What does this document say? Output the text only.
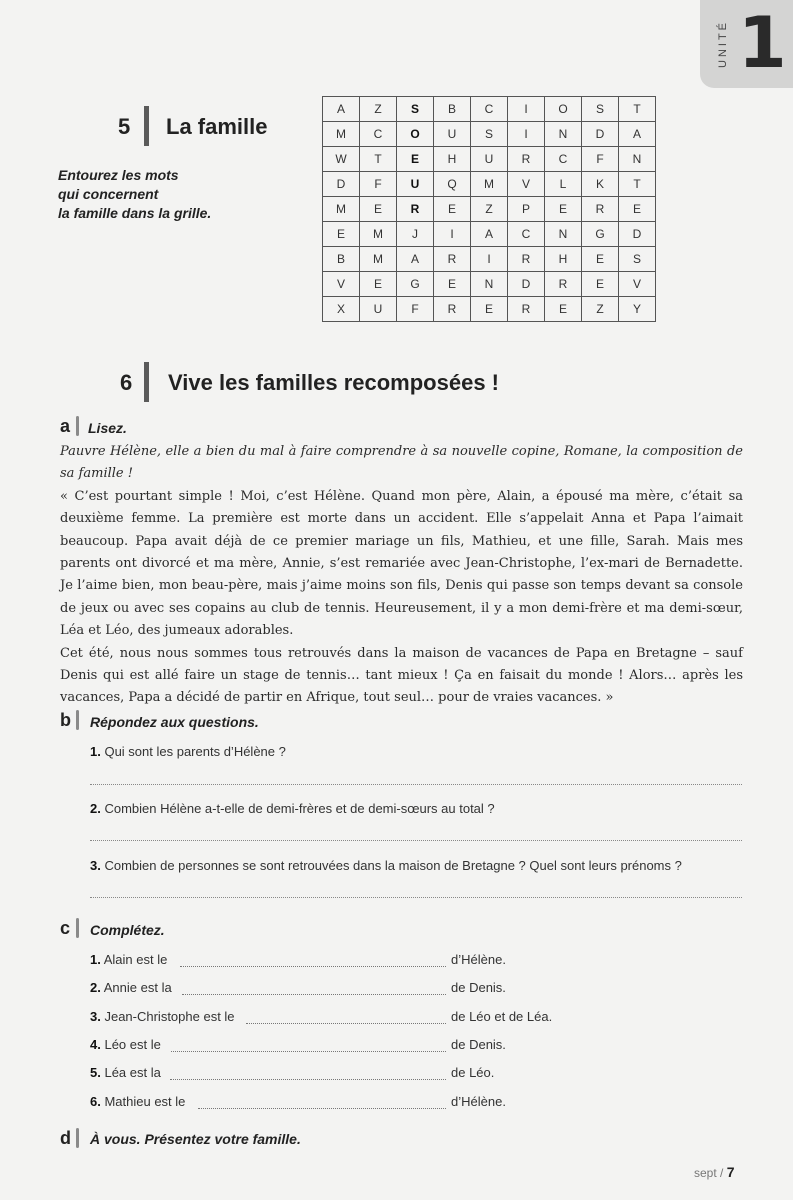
UNITÉ 1
5 La famille
Entourez les mots
qui concernent
la famille dans la grille.
A	Z	S	B	C	I	O	S	T
M	C	O	U	S	I	N	D	A
W	T	E	H	U	R	C	F	N
D	F	U	Q	M	V	L	K	T
M	E	R	E	Z	P	E	R	E
E	M	J	I	A	C	N	G	D
B	M	A	R	I	R	H	E	S
V	E	G	E	N	D	R	E	V
X	U	F	R	E	R	E	Z	Y
6 Vive les familles recomposées !
a Lisez.

Pauvre Hélène, elle a bien du mal à faire comprendre à sa nouvelle copine, Romane, la composition de sa famille !

« C’est pourtant simple ! Moi, c’est Hélène. Quand mon père, Alain, a épousé ma mère, c’était sa deuxième femme. La première est morte dans un accident. Elle s’appelait Anna et Papa l’aimait beaucoup. Papa avait déjà de ce premier mariage un fils, Mathieu, et une fille, Sarah. Mais mes parents ont divorcé et ma mère, Annie, s’est remariée avec Jean-Christophe, l’ex-mari de Bernadette. Je l’aime bien, mon beau-père, mais j’aime moins son fils, Denis qui passe son temps devant sa console de jeux ou avec ses copains au club de tennis. Heureusement, il y a mon demi-frère et ma demi-sœur, Léa et Léo, des jumeaux adorables.

Cet été, nous nous sommes tous retrouvés dans la maison de vacances de Papa en Bretagne – sauf Denis qui est allé faire un stage de tennis… tant mieux ! Ça en faisait du monde ! Alors… après les vacances, Papa a décidé de partir en Afrique, tout seul… pour de vraies vacances. »

b Répondez aux questions.
1. Qui sont les parents d’Hélène ?
2. Combien Hélène a-t-elle de demi-frères et de demi-sœurs au total ?
3. Combien de personnes se sont retrouvées dans la maison de Bretagne ? Quel sont leurs prénoms ?
c Complétez.
1. Alain est le	d’Hélène.
2. Annie est la	de Denis.
3. Jean-Christophe est le	de Léo et de Léa.
4. Léo est le	de Denis.
5. Léa est la	de Léo.
6. Mathieu est le	d’Hélène.
d À vous. Présentez votre famille.
sept / 7
